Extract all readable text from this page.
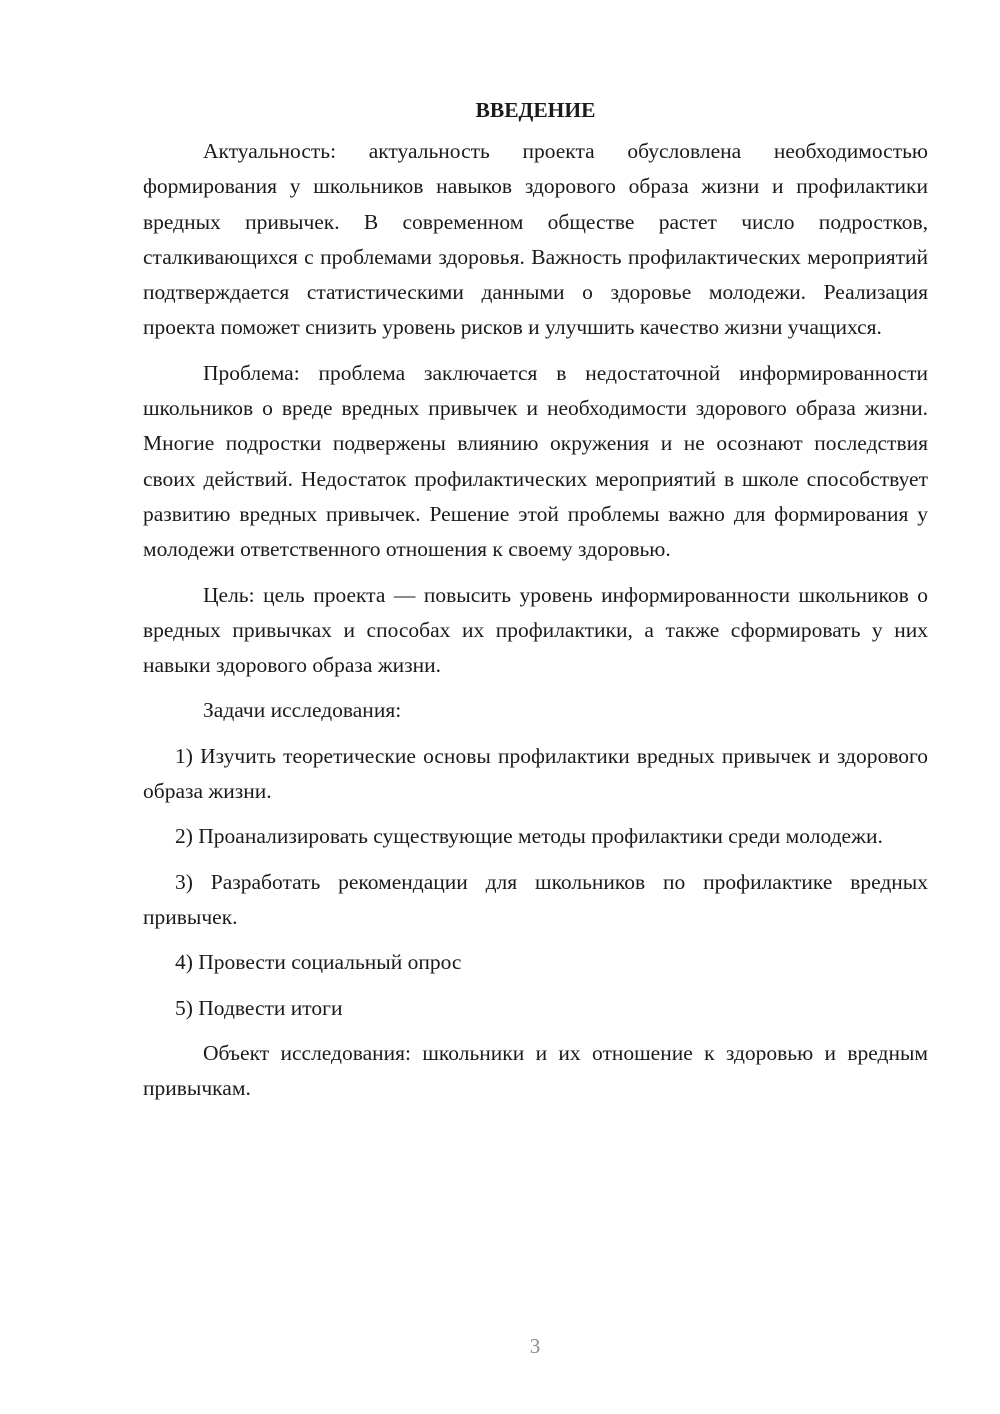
ВВЕДЕНИЕ

Актуальность: актуальность проекта обусловлена необходимостью формирования у школьников навыков здорового образа жизни и профилактики вредных привычек. В современном обществе растет число подростков, сталкивающихся с проблемами здоровья. Важность профилактических мероприятий подтверждается статистическими данными о здоровье молодежи. Реализация проекта поможет снизить уровень рисков и улучшить качество жизни учащихся.

Проблема: проблема заключается в недостаточной информированности школьников о вреде вредных привычек и необходимости здорового образа жизни. Многие подростки подвержены влиянию окружения и не осознают последствия своих действий. Недостаток профилактических мероприятий в школе способствует развитию вредных привычек. Решение этой проблемы важно для формирования у молодежи ответственного отношения к своему здоровью.

Цель: цель проекта — повысить уровень информированности школьников о вредных привычках и способах их профилактики, а также сформировать у них навыки здорового образа жизни.

Задачи исследования:

1) Изучить теоретические основы профилактики вредных привычек и здорового образа жизни.

2) Проанализировать существующие методы профилактики среди молодежи.

3) Разработать рекомендации для школьников по профилактике вредных привычек.

4) Провести социальный опрос

5) Подвести итоги

Объект исследования: школьники и их отношение к здоровью и вредным привычкам.

3
